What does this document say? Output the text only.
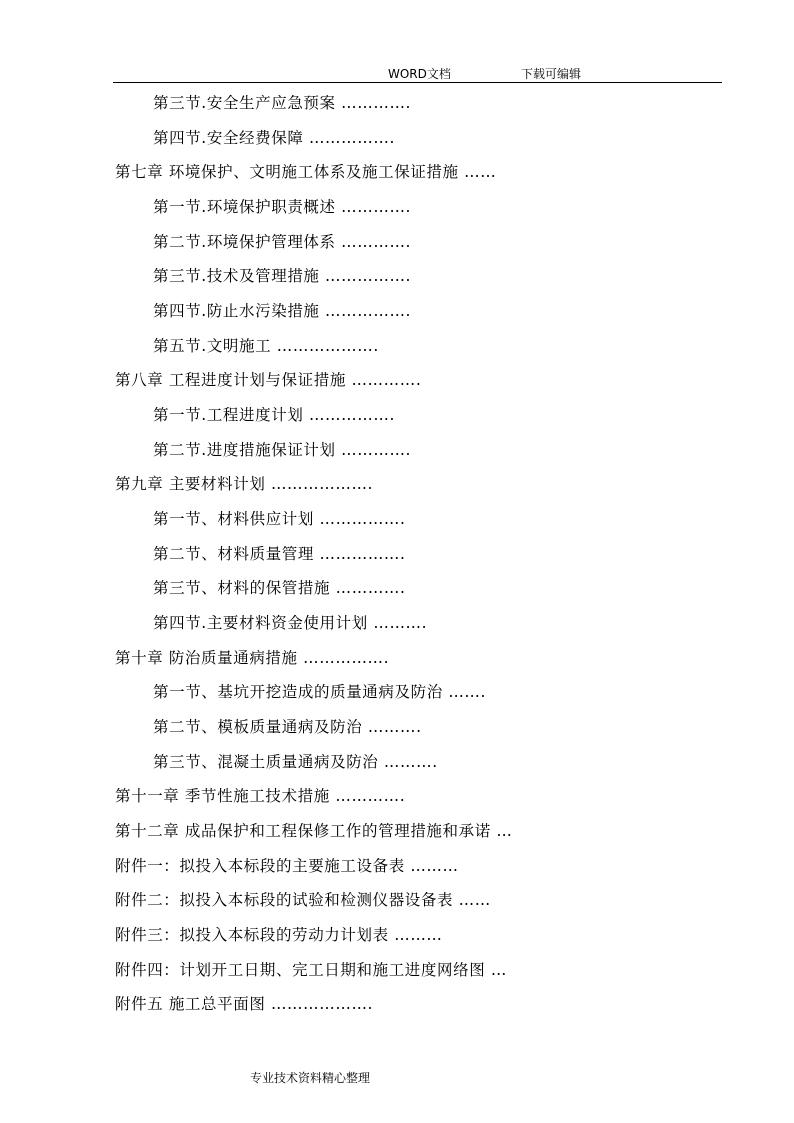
WORD文档	下载可编辑
第三节.安全生产应急预案 ………….
第四节.安全经费保障 …………….
第七章 环境保护、文明施工体系及施工保证措施 ……
第一节.环境保护职责概述 ………….
第二节.环境保护管理体系 ………….
第三节.技术及管理措施 …………….
第四节.防止水污染措施 …………….
第五节.文明施工 ……………….
第八章 工程进度计划与保证措施 ………….
第一节.工程进度计划 …………….
第二节.进度措施保证计划 ………….
第九章 主要材料计划 ……………….
第一节、材料供应计划 …………….
第二节、材料质量管理 …………….
第三节、材料的保管措施 ………….
第四节.主要材料资金使用计划 ……….
第十章 防治质量通病措施 …………….
第一节、基坑开挖造成的质量通病及防治 …….
第二节、模板质量通病及防治 ……….
第三节、混凝土质量通病及防治 ……….
第十一章 季节性施工技术措施 ………….
第十二章 成品保护和工程保修工作的管理措施和承诺 …
附件一：拟投入本标段的主要施工设备表 ………
附件二：拟投入本标段的试验和检测仪器设备表 ……
附件三：拟投入本标段的劳动力计划表 ………
附件四：计划开工日期、完工日期和施工进度网络图 …
附件五 施工总平面图 ……………….
专业技术资料精心整理
